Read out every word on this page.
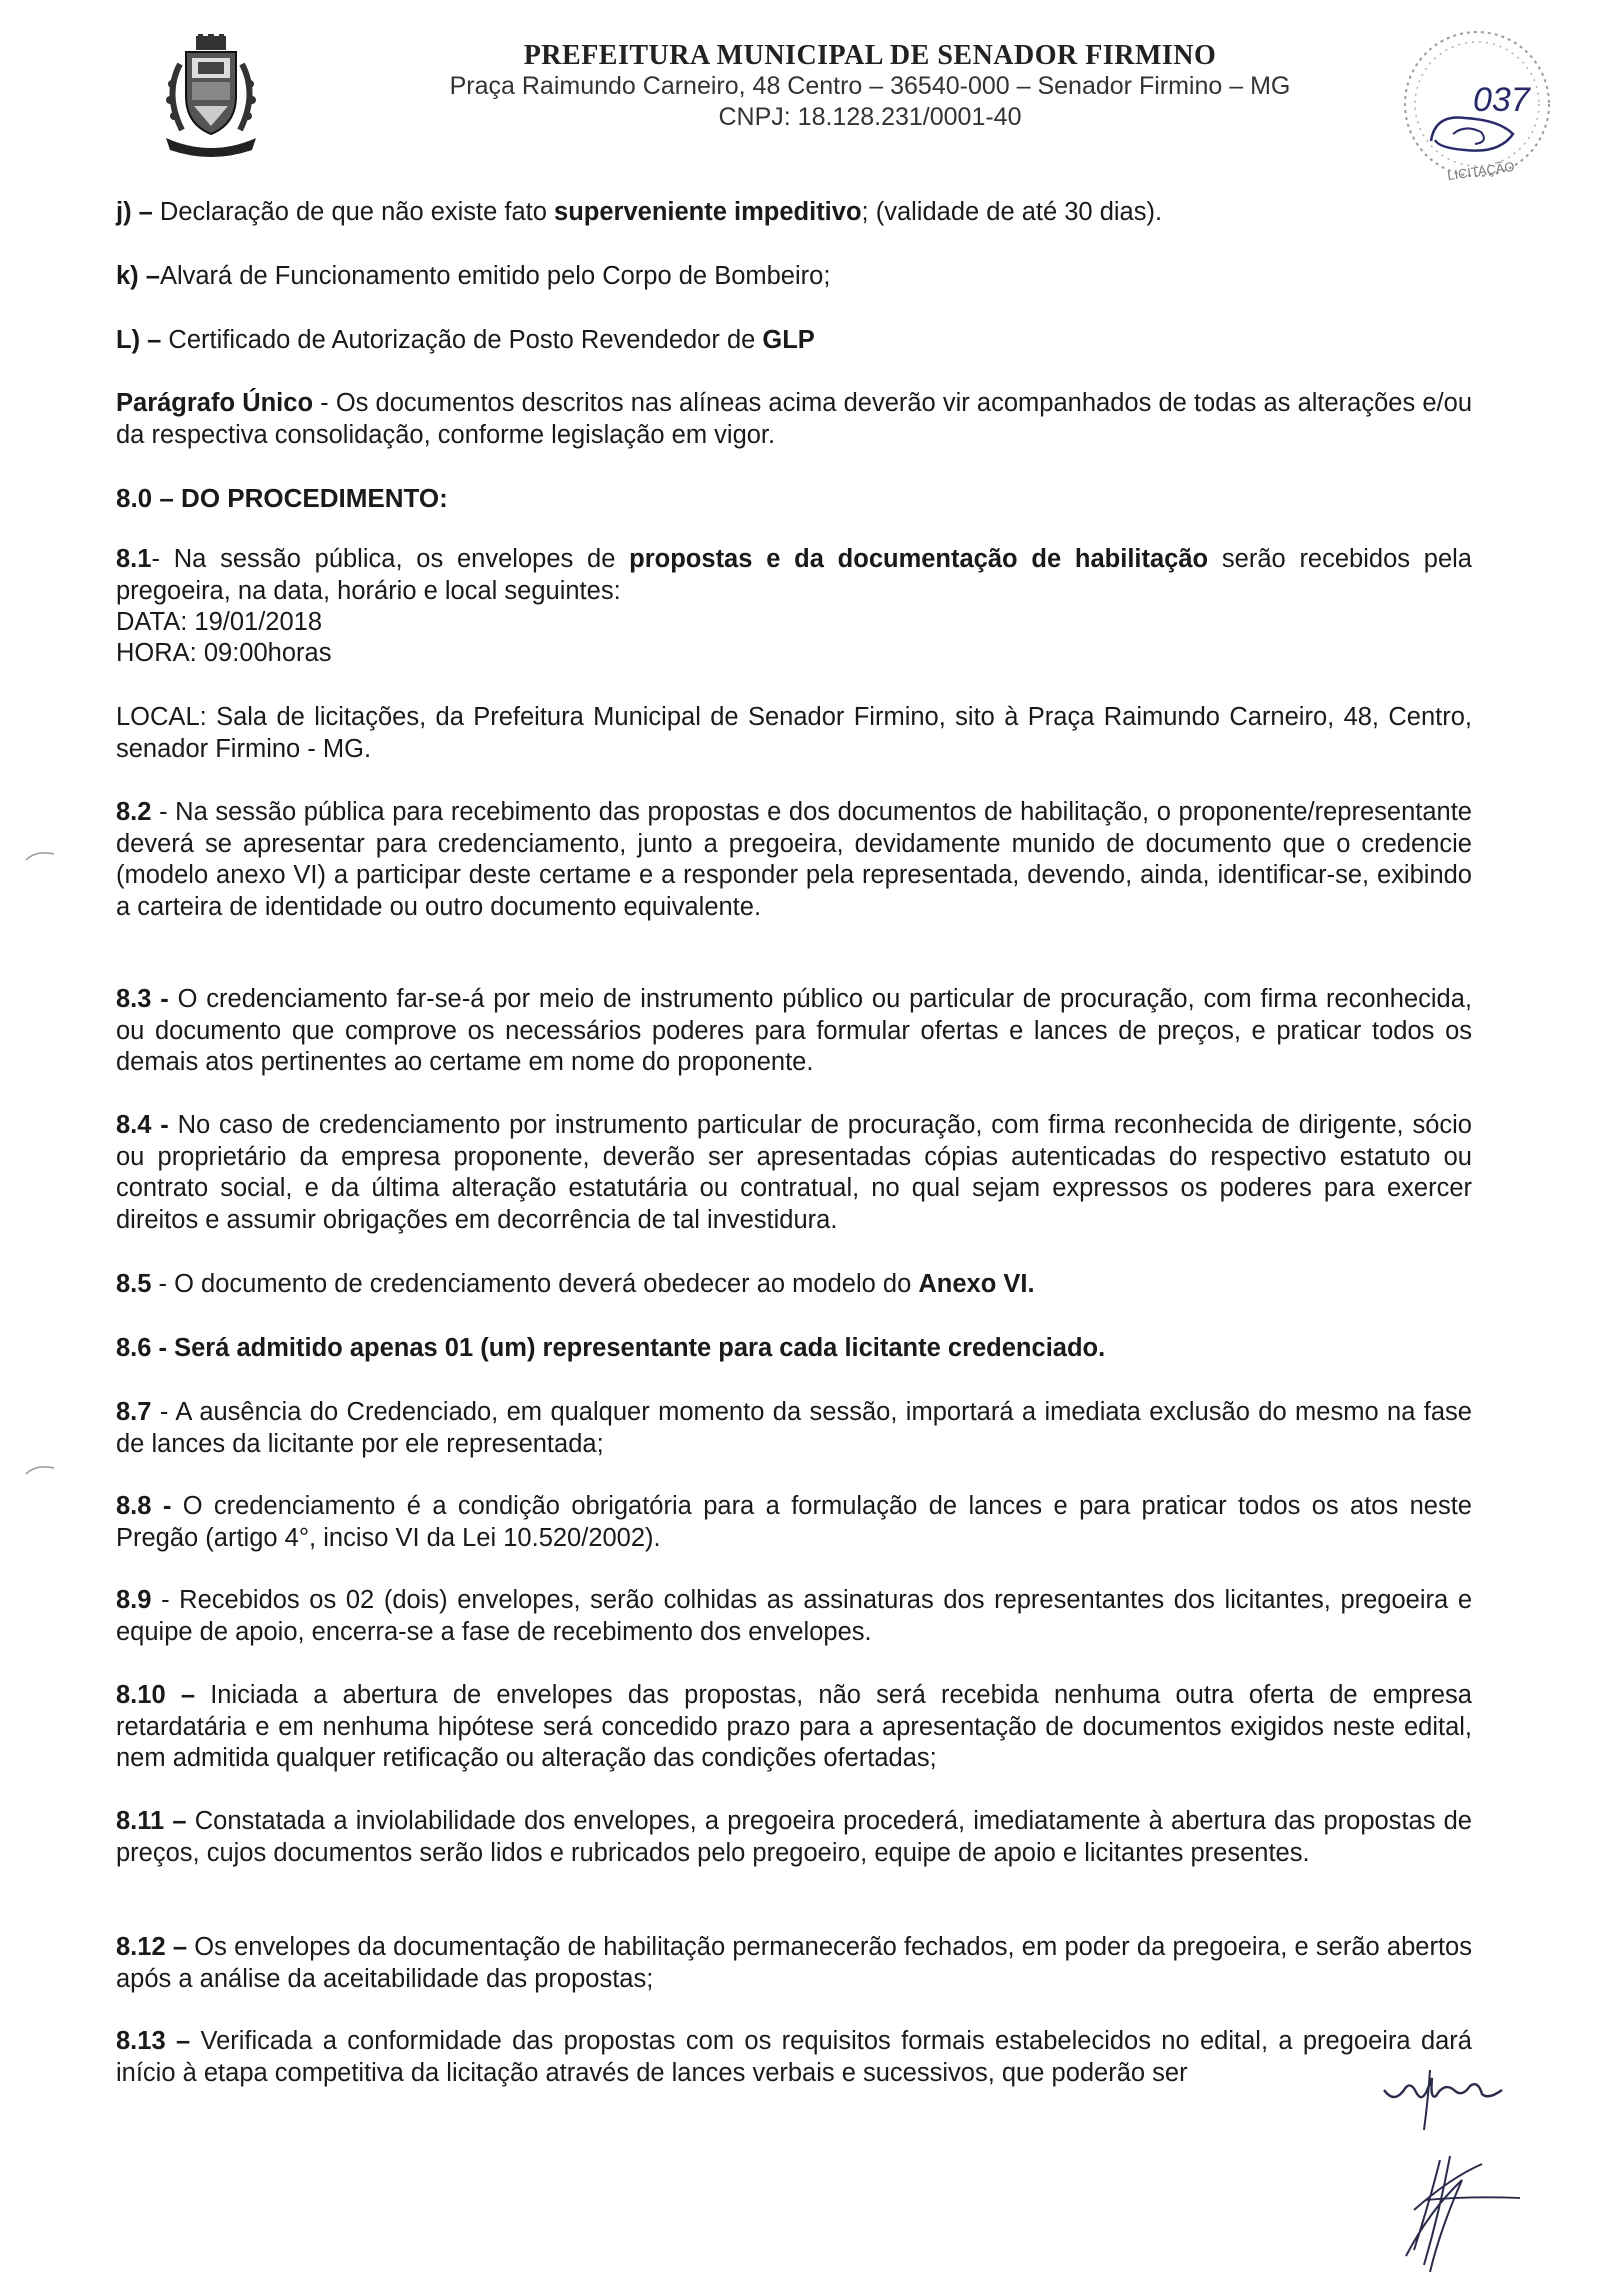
PREFEITURA MUNICIPAL DE SENADOR FIRMINO
Praça Raimundo Carneiro, 48 Centro – 36540-000 – Senador Firmino – MG
CNPJ: 18.128.231/0001-40	037
LICITAÇÃO

j) – Declaração de que não existe fato superveniente impeditivo; (validade de até 30 dias).

k) –Alvará de Funcionamento emitido pelo Corpo de Bombeiro;

L) – Certificado de Autorização de Posto Revendedor de GLP

Parágrafo Único - Os documentos descritos nas alíneas acima deverão vir acompanhados de todas as alterações e/ou da respectiva consolidação, conforme legislação em vigor.

8.0 – DO PROCEDIMENTO:

8.1- Na sessão pública, os envelopes de propostas e da documentação de habilitação serão recebidos pela pregoeira, na data, horário e local seguintes:

DATA: 19/01/2018

HORA: 09:00horas

LOCAL: Sala de licitações, da Prefeitura Municipal de Senador Firmino, sito à Praça Raimundo Carneiro, 48, Centro, senador Firmino - MG.

8.2 - Na sessão pública para recebimento das propostas e dos documentos de habilitação, o proponente/representante deverá se apresentar para credenciamento, junto a pregoeira, devidamente munido de documento que o credencie (modelo anexo VI) a participar deste certame e a responder pela representada, devendo, ainda, identificar-se, exibindo a carteira de identidade ou outro documento equivalente.

8.3 - O credenciamento far-se-á por meio de instrumento público ou particular de procuração, com firma reconhecida, ou documento que comprove os necessários poderes para formular ofertas e lances de preços, e praticar todos os demais atos pertinentes ao certame em nome do proponente.

8.4 - No caso de credenciamento por instrumento particular de procuração, com firma reconhecida de dirigente, sócio ou proprietário da empresa proponente, deverão ser apresentadas cópias autenticadas do respectivo estatuto ou contrato social, e da última alteração estatutária ou contratual, no qual sejam expressos os poderes para exercer direitos e assumir obrigações em decorrência de tal investidura.

8.5 - O documento de credenciamento deverá obedecer ao modelo do Anexo VI.

8.6 - Será admitido apenas 01 (um) representante para cada licitante credenciado.

8.7 - A ausência do Credenciado, em qualquer momento da sessão, importará a imediata exclusão do mesmo na fase de lances da licitante por ele representada;

8.8 - O credenciamento é a condição obrigatória para a formulação de lances e para praticar todos os atos neste Pregão (artigo 4°, inciso VI da Lei 10.520/2002).

8.9 - Recebidos os 02 (dois) envelopes, serão colhidas as assinaturas dos representantes dos licitantes, pregoeira e equipe de apoio, encerra-se a fase de recebimento dos envelopes.

8.10 – Iniciada a abertura de envelopes das propostas, não será recebida nenhuma outra oferta de empresa retardatária e em nenhuma hipótese será concedido prazo para a apresentação de documentos exigidos neste edital, nem admitida qualquer retificação ou alteração das condições ofertadas;

8.11 – Constatada a inviolabilidade dos envelopes, a pregoeira procederá, imediatamente à abertura das propostas de preços, cujos documentos serão lidos e rubricados pelo pregoeiro, equipe de apoio e licitantes presentes.

8.12 – Os envelopes da documentação de habilitação permanecerão fechados, em poder da pregoeira, e serão abertos após a análise da aceitabilidade das propostas;

8.13 – Verificada a conformidade das propostas com os requisitos formais estabelecidos no edital, a pregoeira dará início à etapa competitiva da licitação através de lances verbais e sucessivos, que poderão ser
